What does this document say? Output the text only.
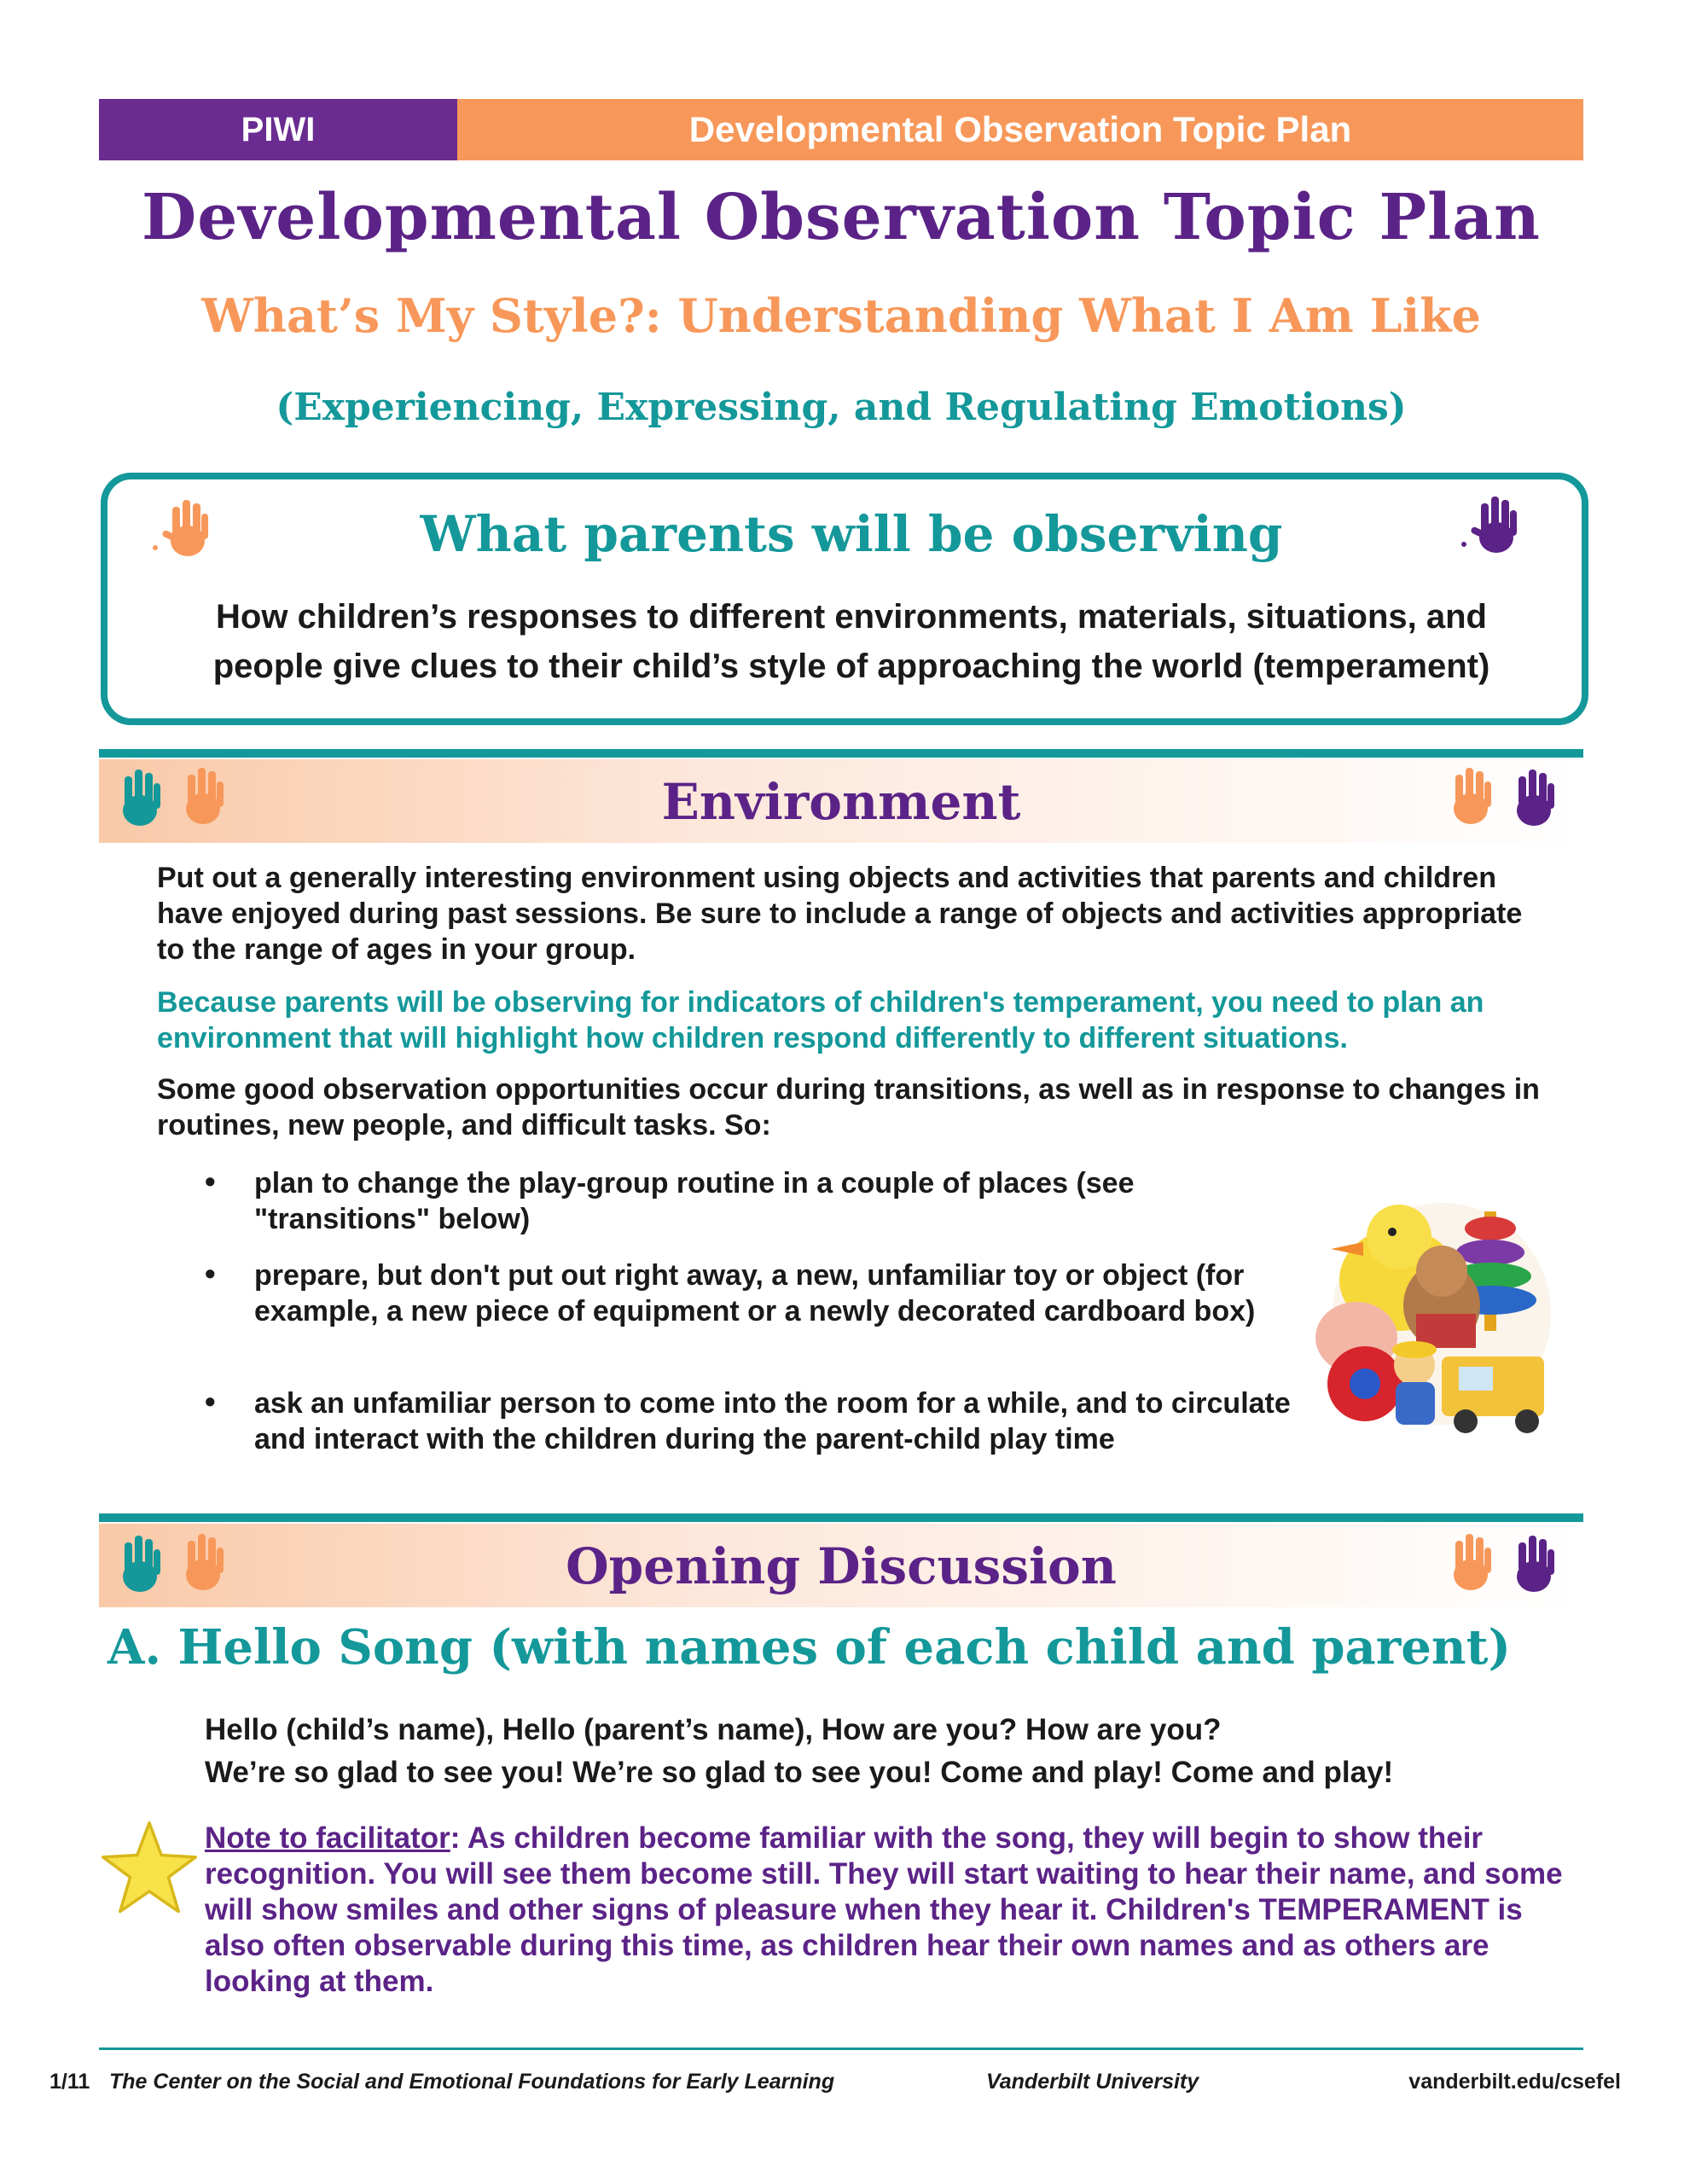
PIWI	Developmental Observation Topic Plan
Developmental Observation Topic Plan
What’s My Style?: Understanding What I Am Like
(Experiencing, Expressing, and Regulating Emotions)
What parents will be observing
How children’s responses to different environments, materials, situations, and people give clues to their child’s style of approaching the world (temperament)
Environment
Put out a generally interesting environment using objects and activities that parents and children have enjoyed during past sessions. Be sure to include a range of objects and activities appropriate to the range of ages in your group.
Because parents will be observing for indicators of children's temperament, you need to plan an environment that will highlight how children respond differently to different situations.
Some good observation opportunities occur during transitions, as well as in response to changes in routines, new people, and difficult tasks. So:
• plan to change the play-group routine in a couple of places (see "transitions" below)
• prepare, but don't put out right away, a new, unfamiliar toy or object (for example, a new piece of equipment or a newly decorated cardboard box)
• ask an unfamiliar person to come into the room for a while, and to circulate and interact with the children during the parent-child play time
Opening Discussion
A. Hello Song (with names of each child and parent)
Hello (child’s name), Hello (parent’s name), How are you? How are you?
We’re so glad to see you! We’re so glad to see you! Come and play! Come and play!
Note to facilitator: As children become familiar with the song, they will begin to show their recognition. You will see them become still. They will start waiting to hear their name, and some will show smiles and other signs of pleasure when they hear it. Children's TEMPERAMENT is also often observable during this time, as children hear their own names and as others are looking at them.
1/11 The Center on the Social and Emotional Foundations for Early Learning	Vanderbilt University	vanderbilt.edu/csefel
